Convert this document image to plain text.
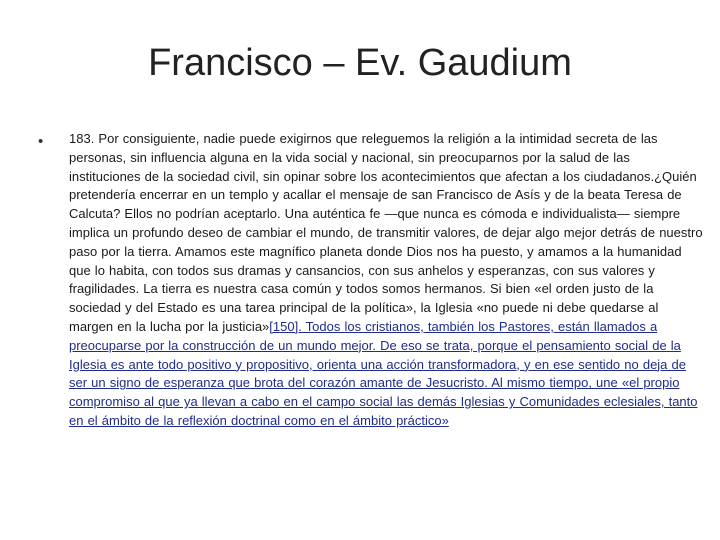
Francisco – Ev. Gaudium
• 183. Por consiguiente, nadie puede exigirnos que releguemos la religión a la intimidad secreta de las personas, sin influencia alguna en la vida social y nacional, sin preocuparnos por la salud de las instituciones de la sociedad civil, sin opinar sobre los acontecimientos que afectan a los ciudadanos.¿Quién pretendería encerrar en un templo y acallar el mensaje de san Francisco de Asís y de la beata Teresa de Calcuta? Ellos no podrían aceptarlo. Una auténtica fe —que nunca es cómoda e individualista— siempre implica un profundo deseo de cambiar el mundo, de transmitir valores, de dejar algo mejor detrás de nuestro paso por la tierra. Amamos este magnífico planeta donde Dios nos ha puesto, y amamos a la humanidad que lo habita, con todos sus dramas y cansancios, con sus anhelos y esperanzas, con sus valores y fragilidades. La tierra es nuestra casa común y todos somos hermanos. Si bien «el orden justo de la sociedad y del Estado es una tarea principal de la política», la Iglesia «no puede ni debe quedarse al margen en la lucha por la justicia»[150]. Todos los cristianos, también los Pastores, están llamados a preocuparse por la construcción de un mundo mejor. De eso se trata, porque el pensamiento social de la Iglesia es ante todo positivo y propositivo, orienta una acción transformadora, y en ese sentido no deja de ser un signo de esperanza que brota del corazón amante de Jesucristo. Al mismo tiempo, une «el propio compromiso al que ya llevan a cabo en el campo social las demás Iglesias y Comunidades eclesiales, tanto en el ámbito de la reflexión doctrinal como en el ámbito práctico»
